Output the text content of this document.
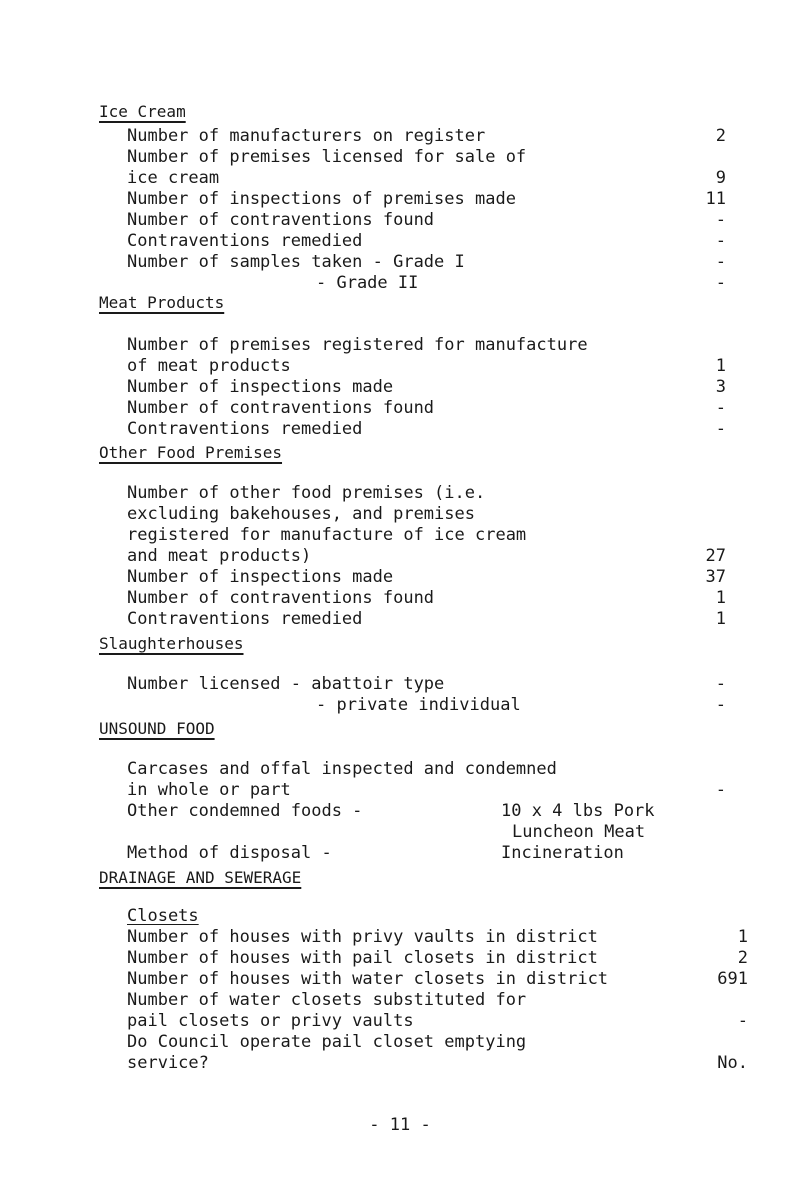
Ice Cream
Number of manufacturers on register	2
Number of premises licensed for sale of
ice cream	9
Number of inspections of premises made	11
Number of contraventions found	-
Contraventions remedied	-
Number of samples taken - Grade I	-
- Grade II	-
Meat Products
Number of premises registered for manufacture
of meat products	1
Number of inspections made	3
Number of contraventions found	-
Contraventions remedied	-
Other Food Premises
Number of other food premises (i.e.
excluding bakehouses, and premises
registered for manufacture of ice cream
and meat products)	27
Number of inspections made	37
Number of contraventions found	1
Contraventions remedied	1
Slaughterhouses
Number licensed - abattoir type	-
- private individual	-
UNSOUND FOOD
Carcases and offal inspected and condemned
in whole or part	-
Other condemned foods -	10 x 4 lbs Pork
Luncheon Meat
Method of disposal -	Incineration
DRAINAGE AND SEWERAGE
Closets
Number of houses with privy vaults in district	1
Number of houses with pail closets in district	2
Number of houses with water closets in district	691
Number of water closets substituted for
pail closets or privy vaults	-
Do Council operate pail closet emptying
service?	No.
- 11 -
